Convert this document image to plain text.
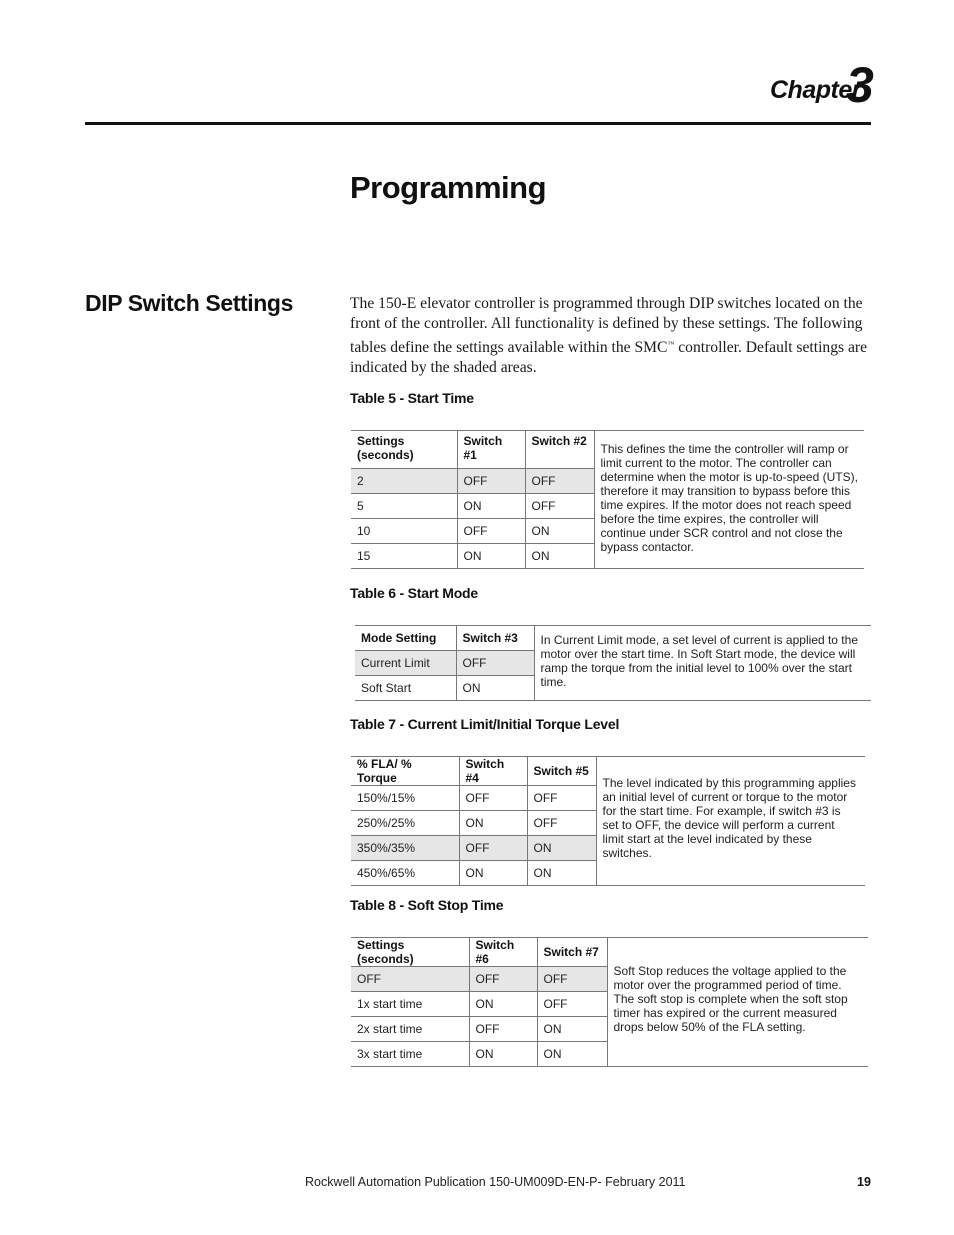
Chapter
3
Programming
DIP Switch Settings	The 150-E elevator controller is programmed through DIP switches located on the front of the controller. All functionality is defined by these settings. The following tables define the settings available within the SMC™ controller. Default settings are indicated by the shaded areas.
Table 5 - Start Time
Settings (seconds)	Switch #1	Switch #2	This defines the time the controller will ramp or limit current to the motor. The controller can determine when the motor is up-to-speed (UTS), therefore it may transition to bypass before this time expires. If the motor does not reach speed before the time expires, the controller will continue under SCR control and not close the bypass contactor.
2	OFF	OFF	
5	ON	OFF	
10	OFF	ON	
15	ON	ON	
Table 6 - Start Mode
Mode Setting	Switch #3	In Current Limit mode, a set level of current is applied to the motor over the start time. In Soft Start mode, the device will ramp the torque from the initial level to 100% over the start time.
Current Limit	OFF	
Soft Start	ON	
Table 7 - Current Limit/Initial Torque Level
% FLA/ % Torque	Switch #4	Switch #5	The level indicated by this programming applies an initial level of current or torque to the motor for the start time. For example, if switch #3 is set to OFF, the device will perform a current limit start at the level indicated by these switches.
150%/15%	OFF	OFF	
250%/25%	ON	OFF	
350%/35%	OFF	ON	
450%/65%	ON	ON	
Table 8 - Soft Stop Time
Settings (seconds)	Switch #6	Switch #7	Soft Stop reduces the voltage applied to the motor over the programmed period of time. The soft stop is complete when the soft stop timer has expired or the current measured drops below 50% of the FLA setting.
OFF	OFF	OFF	
1x start time	ON	OFF	
2x start time	OFF	ON	
3x start time	ON	ON	
Rockwell Automation Publication 150-UM009D-EN-P- February 2011	19
